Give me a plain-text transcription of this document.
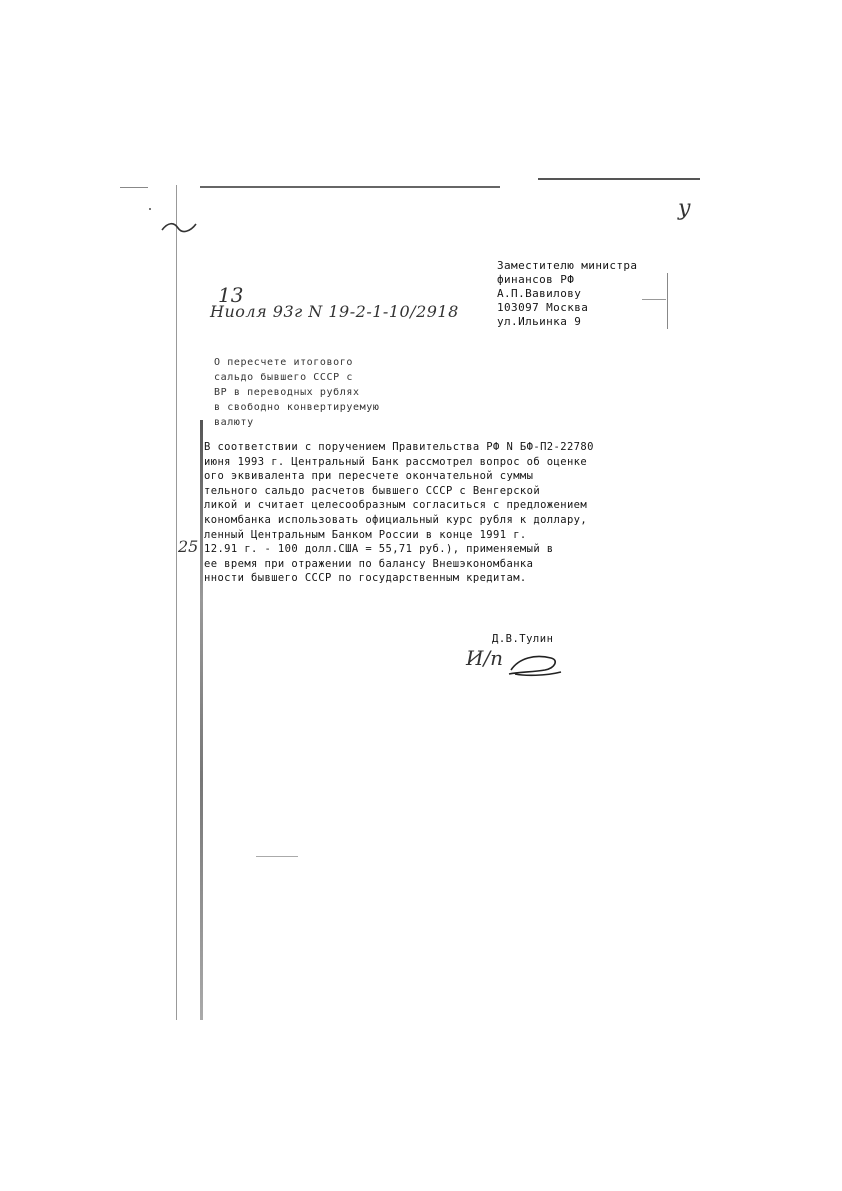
у
Заместителю министра
финансов РФ
А.П.Вавилову
103097 Москва
ул.Ильинка 9
13
Ниоля 93г N 19-2-1-10/2918
О пересчете итогового
сальдо бывшего СССР с
ВР в переводных рублях
в свободно конвертируемую
валюту
В соответствии с поручением Правительства РФ N БФ-П2-22780
июня 1993 г. Центральный Банк рассмотрел вопрос об оценке
ого эквивалента при пересчете окончательной суммы
тельного сальдо расчетов бывшего СССР с Венгерской
ликой и считает целесообразным согласиться с предложением
кономбанка использовать официальный курс рубля к доллару,
ленный Центральным Банком России в конце 1991 г.
12.91 г. - 100 долл.США = 55,71 руб.), применяемый в
ее время при отражении по балансу Внешэкономбанка
нности бывшего СССР по государственным кредитам.
25
Д.В.Тулин
И/п
